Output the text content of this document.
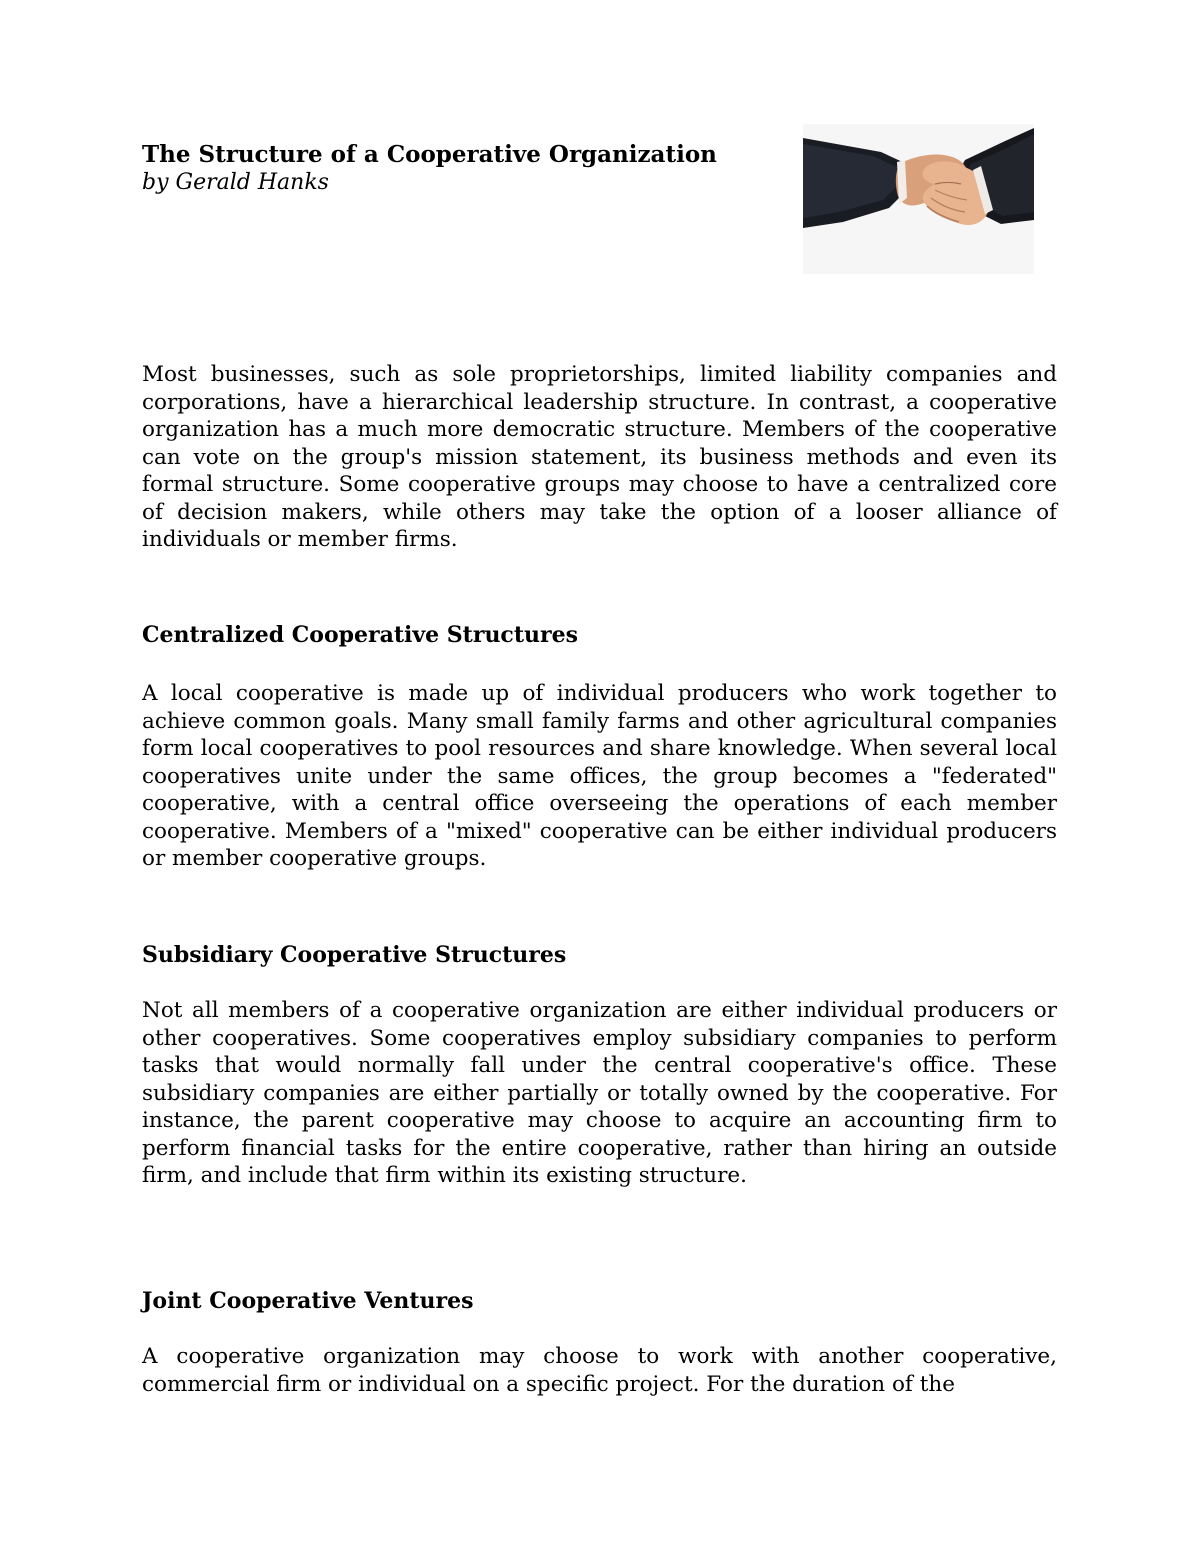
The Structure of a Cooperative Organization
by Gerald Hanks

Most businesses, such as sole proprietorships, limited liability companies and corporations, have a hierarchical leadership structure. In contrast, a cooperative organization has a much more democratic structure. Members of the cooperative can vote on the group's mission statement, its business methods and even its formal structure. Some cooperative groups may choose to have a centralized core of decision makers, while others may take the option of a looser alliance of individuals or member firms.

Centralized Cooperative Structures

A local cooperative is made up of individual producers who work together to achieve common goals. Many small family farms and other agricultural companies form local cooperatives to pool resources and share knowledge. When several local cooperatives unite under the same offices, the group becomes a "federated" cooperative, with a central office overseeing the operations of each member cooperative. Members of a "mixed" cooperative can be either individual producers or member cooperative groups.

Subsidiary Cooperative Structures

Not all members of a cooperative organization are either individual producers or other cooperatives. Some cooperatives employ subsidiary companies to perform tasks that would normally fall under the central cooperative's office. These subsidiary companies are either partially or totally owned by the cooperative. For instance, the parent cooperative may choose to acquire an accounting firm to perform financial tasks for the entire cooperative, rather than hiring an outside firm, and include that firm within its existing structure.

Joint Cooperative Ventures

A cooperative organization may choose to work with another cooperative, commercial firm or individual on a specific project. For the duration of the
